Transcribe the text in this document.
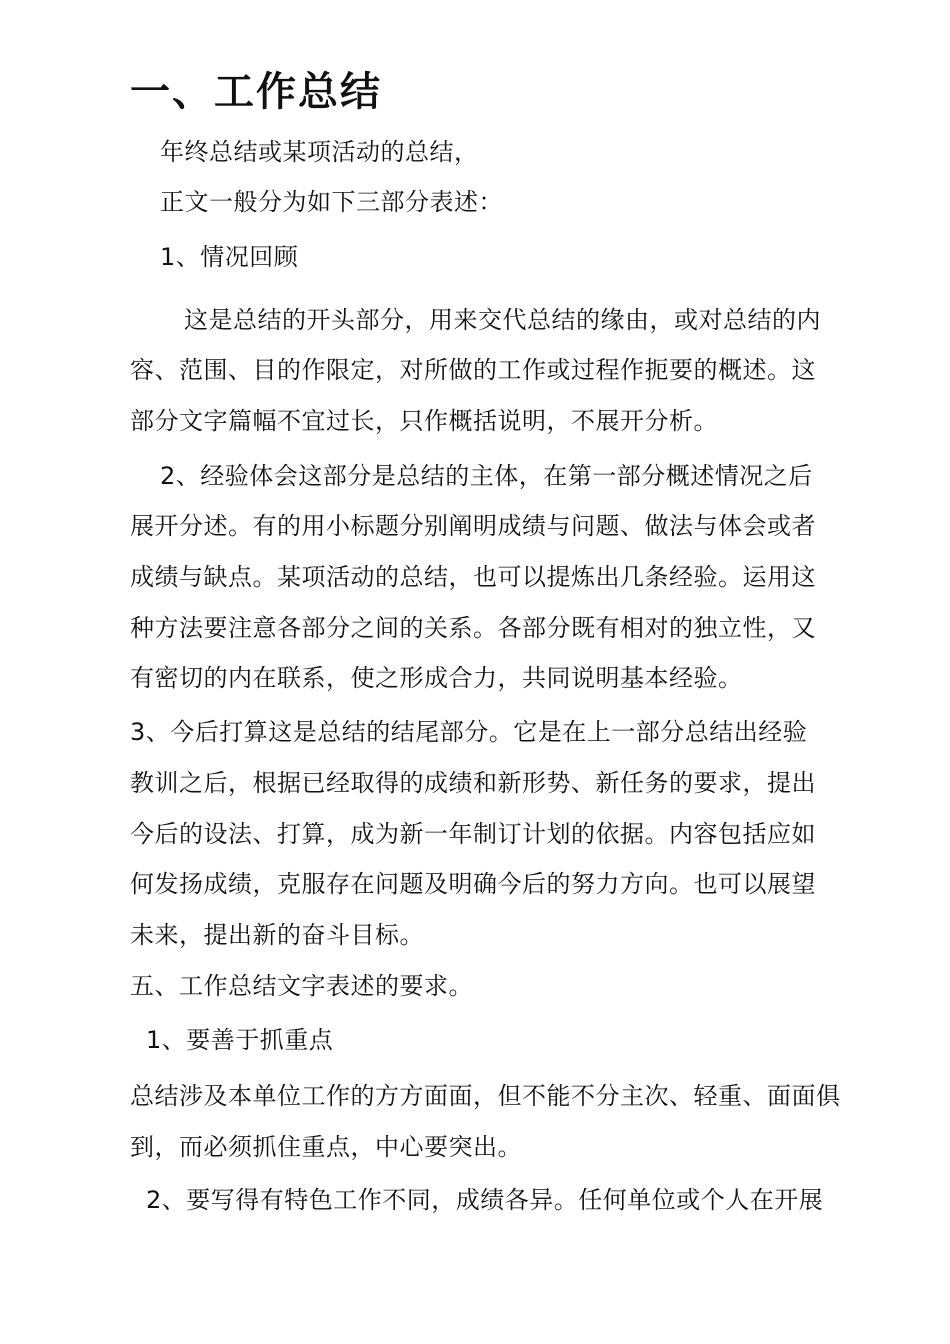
一、工作总结
年终总结或某项活动的总结，
正文一般分为如下三部分表述：
1、情况回顾
这是总结的开头部分，用来交代总结的缘由，或对总结的内
容、范围、目的作限定，对所做的工作或过程作扼要的概述。这
部分文字篇幅不宜过长，只作概括说明，不展开分析。
2、经验体会这部分是总结的主体，在第一部分概述情况之后
展开分述。有的用小标题分别阐明成绩与问题、做法与体会或者
成绩与缺点。某项活动的总结，也可以提炼出几条经验。运用这
种方法要注意各部分之间的关系。各部分既有相对的独立性，又
有密切的内在联系，使之形成合力，共同说明基本经验。
3、今后打算这是总结的结尾部分。它是在上一部分总结出经验
教训之后，根据已经取得的成绩和新形势、新任务的要求，提出
今后的设法、打算，成为新一年制订计划的依据。内容包括应如
何发扬成绩，克服存在问题及明确今后的努力方向。也可以展望
未来，提出新的奋斗目标。
五、工作总结文字表述的要求。
1、要善于抓重点
总结涉及本单位工作的方方面面，但不能不分主次、轻重、面面俱
到，而必须抓住重点，中心要突出。
2、要写得有特色工作不同，成绩各异。任何单位或个人在开展
